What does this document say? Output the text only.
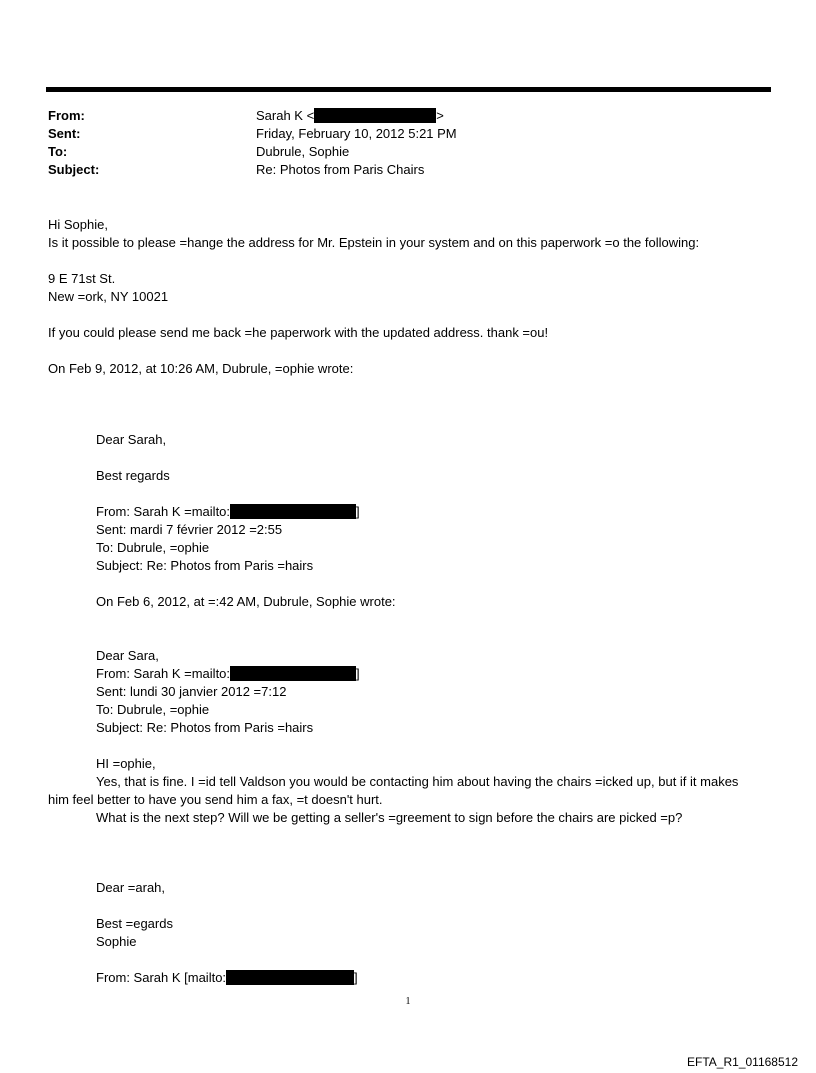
From:	Sarah K <	>
Sent:	Friday, February 10, 2012 5:21 PM
To:	Dubrule, Sophie
Subject:	Re: Photos from Paris Chairs
Hi Sophie,
Is it possible to please =hange the address for Mr. Epstein in your system and on this paperwork =o the following:
9 E 71st St.
New =ork, NY 10021
If you could please send me back =he paperwork with the updated address. thank =ou!
On Feb 9, 2012, at 10:26 AM, Dubrule, =ophie wrote:
Dear Sarah,
Best regards
From: Sarah K =mailto:	]
Sent: mardi 7 février 2012 =2:55
To: Dubrule, =ophie
Subject: Re: Photos from Paris =hairs
On Feb 6, 2012, at =:42 AM, Dubrule, Sophie wrote:
Dear Sara,
From: Sarah K =mailto:	]
Sent: lundi 30 janvier 2012 =7:12
To: Dubrule, =ophie
Subject: Re: Photos from Paris =hairs
HI =ophie,
Yes, that is fine. I =id tell Valdson you would be contacting him about having the chairs =icked up, but if it makes
him feel better to have you send him a fax, =t doesn't hurt.
What is the next step? Will we be getting a seller's =greement to sign before the chairs are picked =p?
Dear =arah,
Best =egards
Sophie
From: Sarah K [mailto:	]
1
EFTA_R1_01168512
